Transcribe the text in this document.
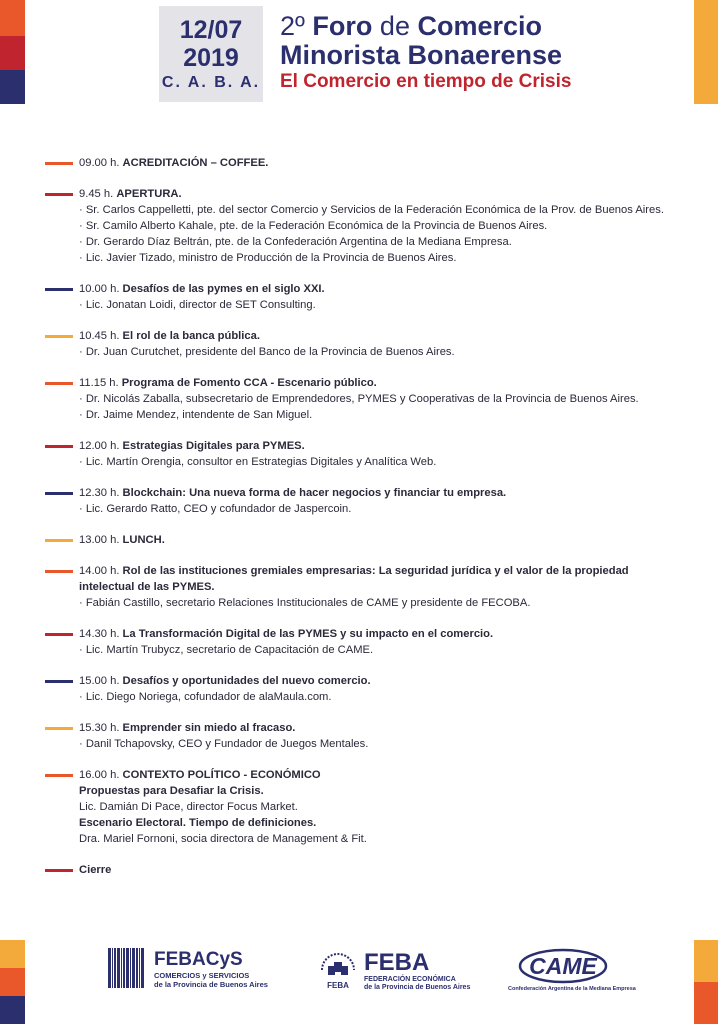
12/07
2019
C. A. B. A.
2º Foro de Comercio
Minorista Bonaerense
El Comercio en tiempo de Crisis
09.00 h. ACREDITACIÓN – COFFEE.
9.45 h. APERTURA.
· Sr. Carlos Cappelletti, pte. del sector Comercio y Servicios de la Federación Económica de la Prov. de Buenos Aires.
· Sr. Camilo Alberto Kahale, pte. de la Federación Económica de la Provincia de Buenos Aires.
· Dr. Gerardo Díaz Beltrán, pte. de la Confederación Argentina de la Mediana Empresa.
· Lic. Javier Tizado, ministro de Producción de la Provincia de Buenos Aires.
10.00 h. Desafíos de las pymes en el siglo XXI.
· Lic. Jonatan Loidi, director de SET Consulting.
10.45 h. El rol de la banca pública.
· Dr. Juan Curutchet, presidente del Banco de la Provincia de Buenos Aires.
11.15 h. Programa de Fomento CCA - Escenario público.
· Dr. Nicolás Zaballa, subsecretario de Emprendedores, PYMES y Cooperativas de la Provincia de Buenos Aires.
· Dr. Jaime Mendez, intendente de San Miguel.
12.00 h. Estrategias Digitales para PYMES.
· Lic. Martín Orengia, consultor en Estrategias Digitales y Analítica Web.
12.30 h. Blockchain: Una nueva forma de hacer negocios y financiar tu empresa.
· Lic. Gerardo Ratto, CEO y cofundador de Jaspercoin.
13.00 h. LUNCH.
14.00 h. Rol de las instituciones gremiales empresarias: La seguridad jurídica y el valor de la propiedad intelectual de las PYMES.
· Fabián Castillo, secretario Relaciones Institucionales de CAME y presidente de FECOBA.
14.30 h. La Transformación Digital de las PYMES y su impacto en el comercio.
· Lic. Martín Trubycz, secretario de Capacitación de CAME.
15.00 h. Desafíos y oportunidades del nuevo comercio.
· Lic. Diego Noriega, cofundador de alaMaula.com.
15.30 h. Emprender sin miedo al fracaso.
· Danil Tchapovsky, CEO y Fundador de Juegos Mentales.
16.00 h. CONTEXTO POLÍTICO - ECONÓMICO
Propuestas para Desafiar la Crisis.
Lic. Damián Di Pace, director Focus Market.
Escenario Electoral. Tiempo de definiciones.
Dra. Mariel Fornoni, socia directora de Management & Fit.
Cierre
FEBACyS
COMERCIOS y SERVICIOS
de la Provincia de Buenos Aires	FEBA
FEBA
FEDERACIÓN ECONÓMICA
de la Provincia de Buenos Aires
CAME
Confederación Argentina de la Mediana Empresa
